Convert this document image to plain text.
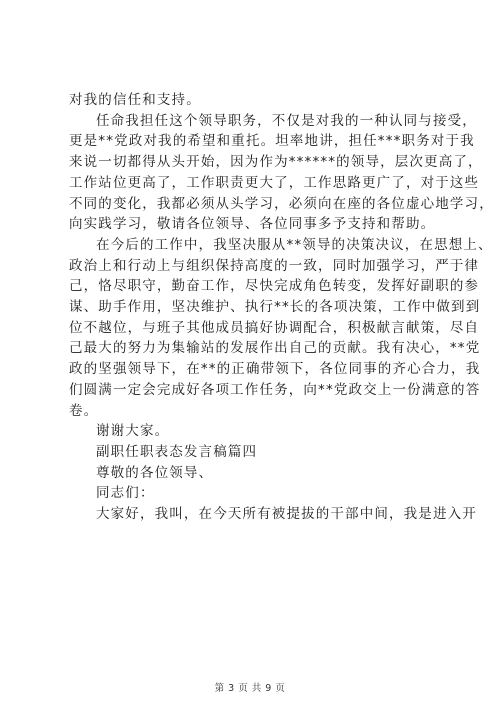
对我的信任和支持。

任命我担任这个领导职务，不仅是对我的一种认同与接受，

更是**党政对我的希望和重托。坦率地讲，担任***职务对于我

来说一切都得从头开始，因为作为******的领导，层次更高了，

工作站位更高了，工作职责更大了，工作思路更广了，对于这些

不同的变化，我都必须从头学习，必须向在座的各位虚心地学习，

向实践学习，敬请各位领导、各位同事多予支持和帮助。

在今后的工作中，我坚决服从**领导的决策决议，在思想上、

政治上和行动上与组织保持高度的一致，同时加强学习，严于律

己，恪尽职守，勤奋工作，尽快完成角色转变，发挥好副职的参

谋、助手作用，坚决维护、执行**长的各项决策，工作中做到到

位不越位，与班子其他成员搞好协调配合，积极献言献策，尽自

己最大的努力为集输站的发展作出自己的贡献。我有决心，**党

政的坚强领导下，在**的正确带领下，各位同事的齐心合力，我

们圆满一定会完成好各项工作任务，向**党政交上一份满意的答

卷。

谢谢大家。

副职任职表态发言稿篇四

尊敬的各位领导、

同志们：

大家好，我叫，在今天所有被提拔的干部中间，我是进入开

第 3 页 共 9 页
